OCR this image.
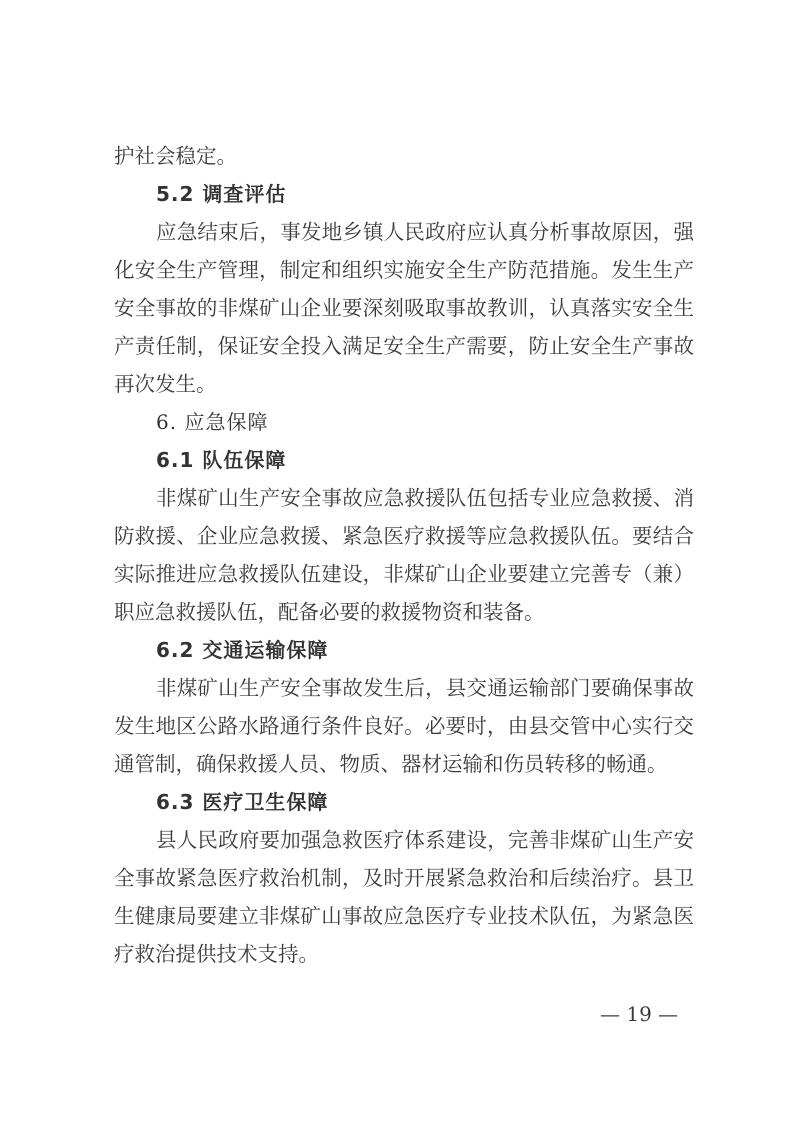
护社会稳定。
5.2 调查评估
应急结束后，事发地乡镇人民政府应认真分析事故原因，强
化安全生产管理，制定和组织实施安全生产防范措施。发生生产
安全事故的非煤矿山企业要深刻吸取事故教训，认真落实安全生
产责任制，保证安全投入满足安全生产需要，防止安全生产事故
再次发生。
6. 应急保障
6.1 队伍保障
非煤矿山生产安全事故应急救援队伍包括专业应急救援、消
防救援、企业应急救援、紧急医疗救援等应急救援队伍。要结合
实际推进应急救援队伍建设，非煤矿山企业要建立完善专（兼）
职应急救援队伍，配备必要的救援物资和装备。
6.2 交通运输保障
非煤矿山生产安全事故发生后，县交通运输部门要确保事故
发生地区公路水路通行条件良好。必要时，由县交管中心实行交
通管制，确保救援人员、物质、器材运输和伤员转移的畅通。
6.3 医疗卫生保障
县人民政府要加强急救医疗体系建设，完善非煤矿山生产安
全事故紧急医疗救治机制，及时开展紧急救治和后续治疗。县卫
生健康局要建立非煤矿山事故应急医疗专业技术队伍，为紧急医
疗救治提供技术支持。
— 19 —
